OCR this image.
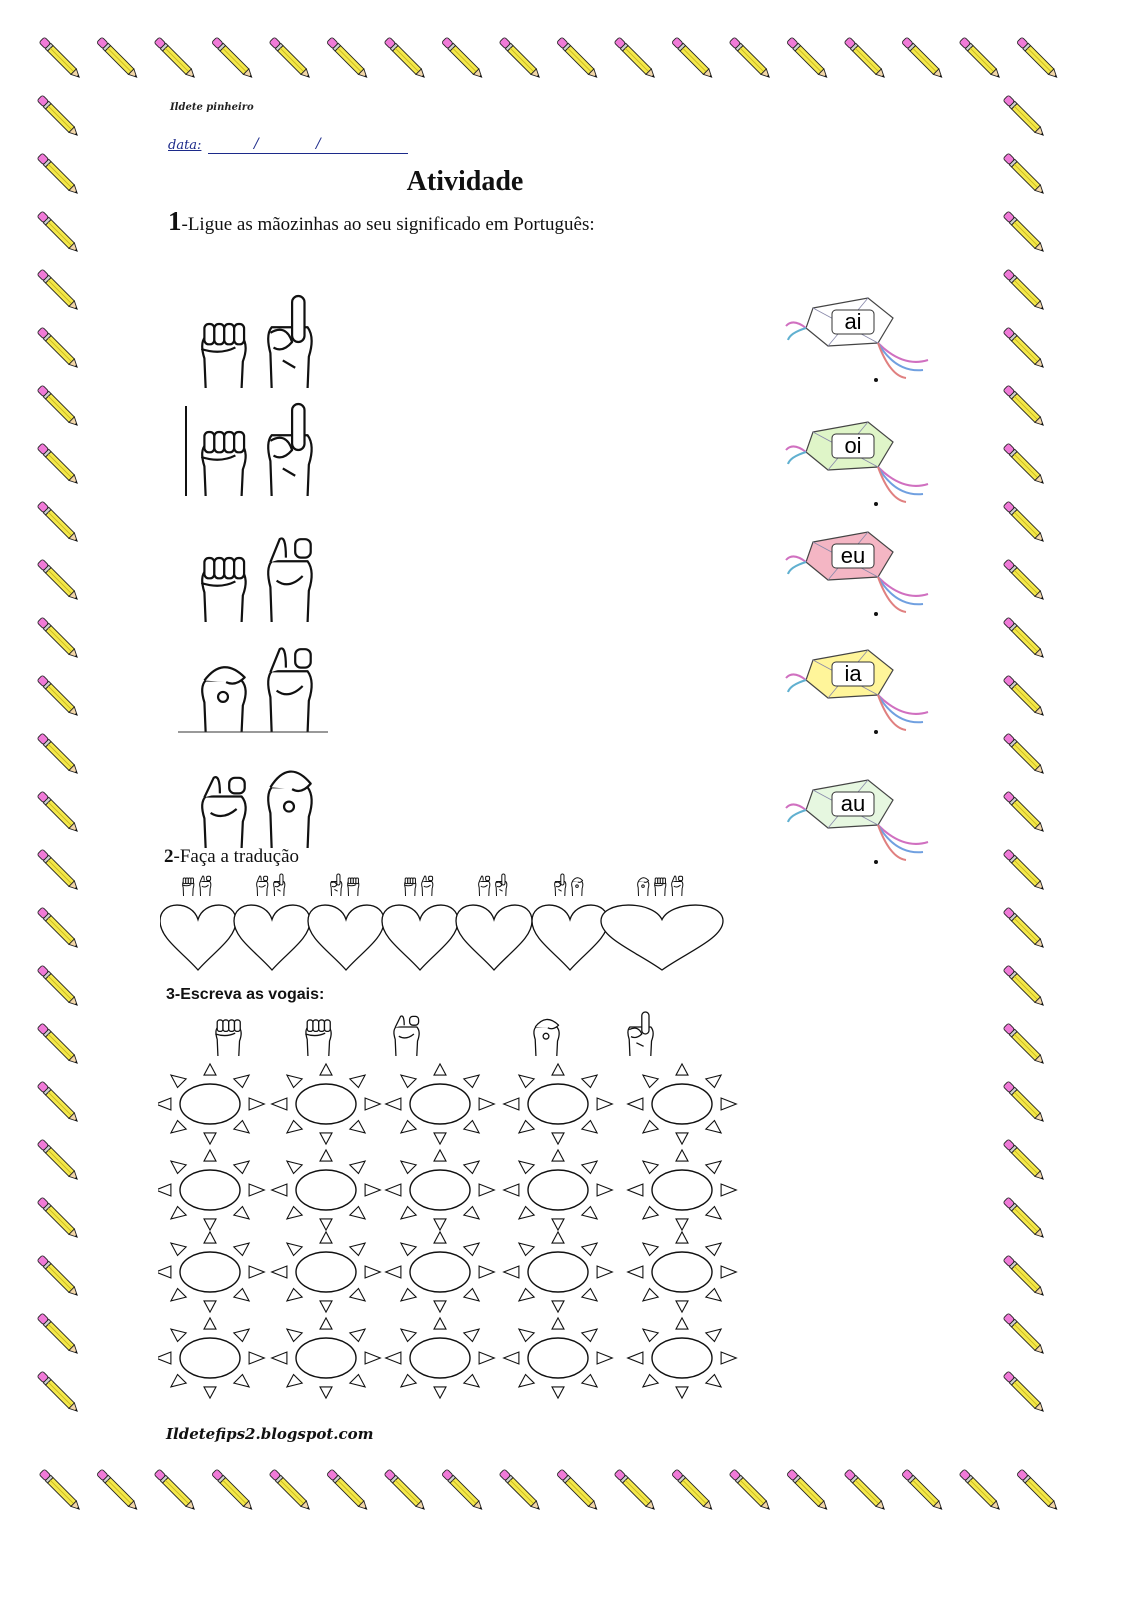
Ildete pinheiro
data:	/	/
Atividade
1-Ligue as mãozinhas ao seu significado em Português:
ai
oi
eu
ia
au
2-Faça a tradução
3-Escreva as vogais:
Ildetefips2.blogspot.com
